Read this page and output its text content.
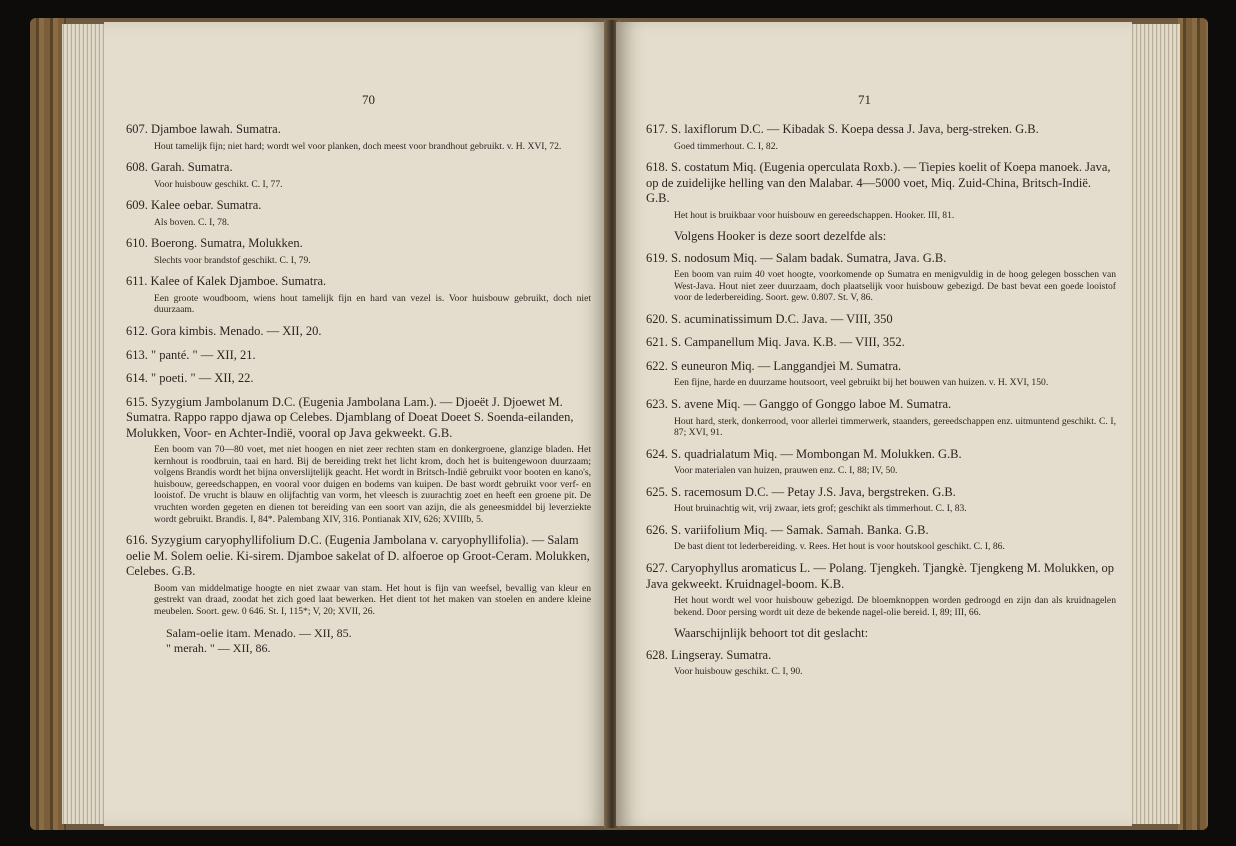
70
607. Djamboe lawah. Sumatra.
Hout tamelijk fijn; niet hard; wordt wel voor planken, doch meest voor brandhout gebruikt. v. H. XVI, 72.
608. Garah. Sumatra.
Voor huisbouw geschikt. C. I, 77.
609. Kalee oebar. Sumatra.
Als boven. C. I, 78.
610. Boerong. Sumatra, Molukken.
Slechts voor brandstof geschikt. C. I, 79.
611. Kalee of Kalek Djamboe. Sumatra.
Een groote woudboom, wiens hout tamelijk fijn en hard van vezel is. Voor huisbouw gebruikt, doch niet duurzaam.
612. Gora kimbis. Menado. — XII, 20.
613. " panté. " — XII, 21.
614. " poeti. " — XII, 22.
615. Syzygium Jambolanum D.C. (Eugenia Jambolana Lam.). — Djoeët J. Djoewet M. Sumatra. Rappo rappo djawa op Celebes. Djamblang of Doeat Doeet S. Soenda-eilanden, Molukken, Voor- en Achter-Indië, vooral op Java gekweekt. G.B.
Een boom van 70—80 voet, met niet hoogen en niet zeer rechten stam en donkergroene, glanzige bladen. Het kernhout is roodbruin, taai en hard. Bij de bereiding trekt het licht krom, doch het is buitengewoon duurzaam; volgens Brandis wordt het bijna onverslijtelijk geacht. Het wordt in Britsch-Indië gebruikt voor booten en kano's, huisbouw, gereedschappen, en vooral voor duigen en bodems van kuipen. De bast wordt gebruikt voor verf- en looistof. De vrucht is blauw en olijfachtig van vorm, het vleesch is zuurachtig zoet en heeft een groene pit. De vruchten worden gegeten en dienen tot bereiding van een soort van azijn, die als geneesmiddel bij leverziekte wordt gebruikt. Brandis. I, 84*. Palembang XIV, 316. Pontianak XIV, 626; XVIIIb, 5.
616. Syzygium caryophyllifolium D.C. (Eugenia Jambolana v. caryophyllifolia). — Salam oelie M. Solem oelie. Ki-sirem. Djamboe sakelat of D. alfoeroe op Groot-Ceram. Molukken, Celebes. G.B.
Boom van middelmatige hoogte en niet zwaar van stam. Het hout is fijn van weefsel, bevallig van kleur en gestrekt van draad, zoodat het zich goed laat bewerken. Het dient tot het maken van stoelen en andere kleine meubelen. Soort. gew. 0 646. St. I, 115*; V, 20; XVII, 26.
Salam-oelie itam. Menado. — XII, 85.
" merah. " — XII, 86.
71
617. S. laxiflorum D.C. — Kibadak S. Koepa dessa J. Java, berg-streken. G.B.
Goed timmerhout. C. I, 82.
618. S. costatum Miq. (Eugenia operculata Roxb.). — Tiepies koelit of Koepa manoek. Java, op de zuidelijke helling van den Malabar. 4—5000 voet, Miq. Zuid-China, Britsch-Indië. G.B.
Het hout is bruikbaar voor huisbouw en gereedschappen. Hooker. III, 81.
Volgens Hooker is deze soort dezelfde als:
619. S. nodosum Miq. — Salam badak. Sumatra, Java. G.B.
Een boom van ruim 40 voet hoogte, voorkomende op Sumatra en menigvuldig in de hoog gelegen bosschen van West-Java. Hout niet zeer duurzaam, doch plaatselijk voor huisbouw gebezigd. De bast bevat een goede looistof voor de lederbereiding. Soort. gew. 0.807. St. V, 86.
620. S. acuminatissimum D.C. Java. — VIII, 350
621. S. Campanellum Miq. Java. K.B. — VIII, 352.
622. S euneuron Miq. — Langgandjei M. Sumatra.
Een fijne, harde en duurzame houtsoort, veel gebruikt bij het bouwen van huizen. v. H. XVI, 150.
623. S. avene Miq. — Ganggo of Gonggo laboe M. Sumatra.
Hout hard, sterk, donkerrood, voor allerlei timmerwerk, staanders, gereedschappen enz. uitmuntend geschikt. C. I, 87; XVI, 91.
624. S. quadrialatum Miq. — Mombongan M. Molukken. G.B.
Voor materialen van huizen, prauwen enz. C. I, 88; IV, 50.
625. S. racemosum D.C. — Petay J.S. Java, bergstreken. G.B.
Hout bruinachtig wit, vrij zwaar, iets grof; geschikt als timmerhout. C. I, 83.
626. S. variifolium Miq. — Samak. Samah. Banka. G.B.
De bast dient tot lederbereiding. v. Rees. Het hout is voor houtskool geschikt. C. I, 86.
627. Caryophyllus aromaticus L. — Polang. Tjengkeh. Tjangkè. Tjengkeng M. Molukken, op Java gekweekt. Kruidnagel-boom. K.B.
Het hout wordt wel voor huisbouw gebezigd. De bloemknoppen worden gedroogd en zijn dan als kruidnagelen bekend. Door persing wordt uit deze de bekende nagel-olie bereid. I, 89; III, 66.
Waarschijnlijk behoort tot dit geslacht:
628. Lingseray. Sumatra.
Voor huisbouw geschikt. C. I, 90.
